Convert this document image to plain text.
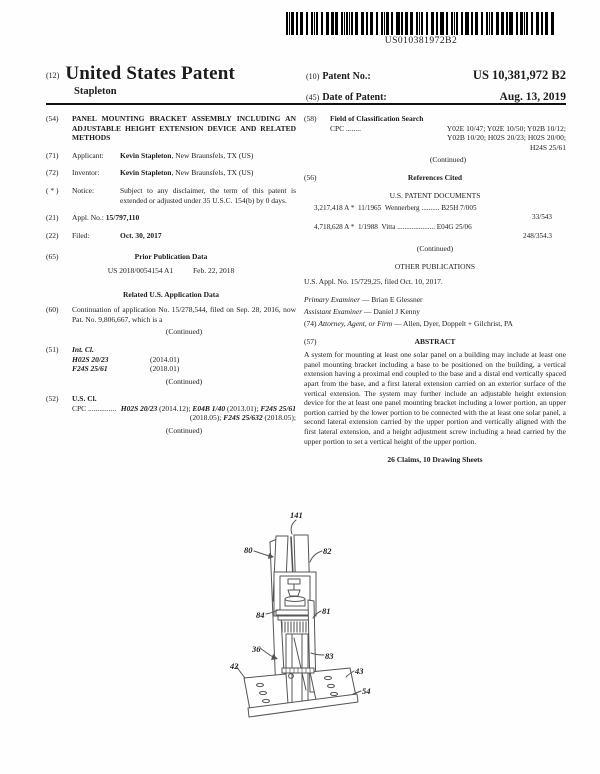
US010381972B2
(12) United States Patent
Stapleton
(10) Patent No.:	US 10,381,972 B2
(45) Date of Patent:	Aug. 13, 2019
(54)	PANEL MOUNTING BRACKET ASSEMBLY INCLUDING AN ADJUSTABLE HEIGHT EXTENSION DEVICE AND RELATED METHODS
(71)	Applicant:	Kevin Stapleton, New Braunsfels, TX (US)
(72)	Inventor:	Kevin Stapleton, New Braunsfels, TX (US)
( * )	Notice:	Subject to any disclaimer, the term of this patent is extended or adjusted under 35 U.S.C. 154(b) by 0 days.
(21)	Appl. No.: 15/797,110
(22)	Filed:	Oct. 30, 2017
(65)	Prior Publication Data
US 2018/0054154 A1	Feb. 22, 2018
Related U.S. Application Data
(60)	Continuation of application No. 15/278,544, filed on Sep. 28, 2016, now Pat. No. 9,806,667, which is a
(Continued)
(51)	Int. Cl.
H02S 20/23	(2014.01)
F24S 25/61	(2018.01)
(Continued)
(52)	U.S. Cl.
CPC ............... H02S 20/23 (2014.12); E04B 1/40 (2013.01); F24S 25/61 (2018.05); F24S 25/632 (2018.05);
(Continued)
(58)	Field of Classification Search
CPC ........	Y02E 10/47; Y02E 10/50; Y02B 10/12;
Y02B 10/20; H02S 20/23; H02S 20/00;
H24S 25/61
(Continued)
(56)	References Cited
U.S. PATENT DOCUMENTS
3,217,418 A * 11/1965 Wennerberg .......... B25H 7/005
33/543
4,718,628 A * 1/1988 Vitta ..................... E04G 25/06
248/354.3
(Continued)
OTHER PUBLICATIONS
U.S. Appl. No. 15/729,25, filed Oct. 10, 2017.
Primary Examiner — Brian E Glessner
Assistant Examiner — Daniel J Kenny
(74) Attorney, Agent, or Firm — Allen, Dyer, Doppelt + Gilchrist, PA
(57)	ABSTRACT
A system for mounting at least one solar panel on a building may include at least one panel mounting bracket including a base to be positioned on the building, a vertical extension having a proximal end coupled to the base and a distal end vertically spaced apart from the base, and a first lateral extension carried on an exterior surface of the vertical extension. The system may further include an adjustable height extension device for the at least one panel mounting bracket including a lower portion, an upper portion carried by the lower portion to be connected with the at least one solar panel, a second lateral extension carried by the upper portion and vertically aligned with the first lateral extension, and a height adjustment screw including a head carried by the upper portion to set a vertical height of the upper portion.
26 Claims, 10 Drawing Sheets
141
80	82
84	81
36
83
42	43
54
